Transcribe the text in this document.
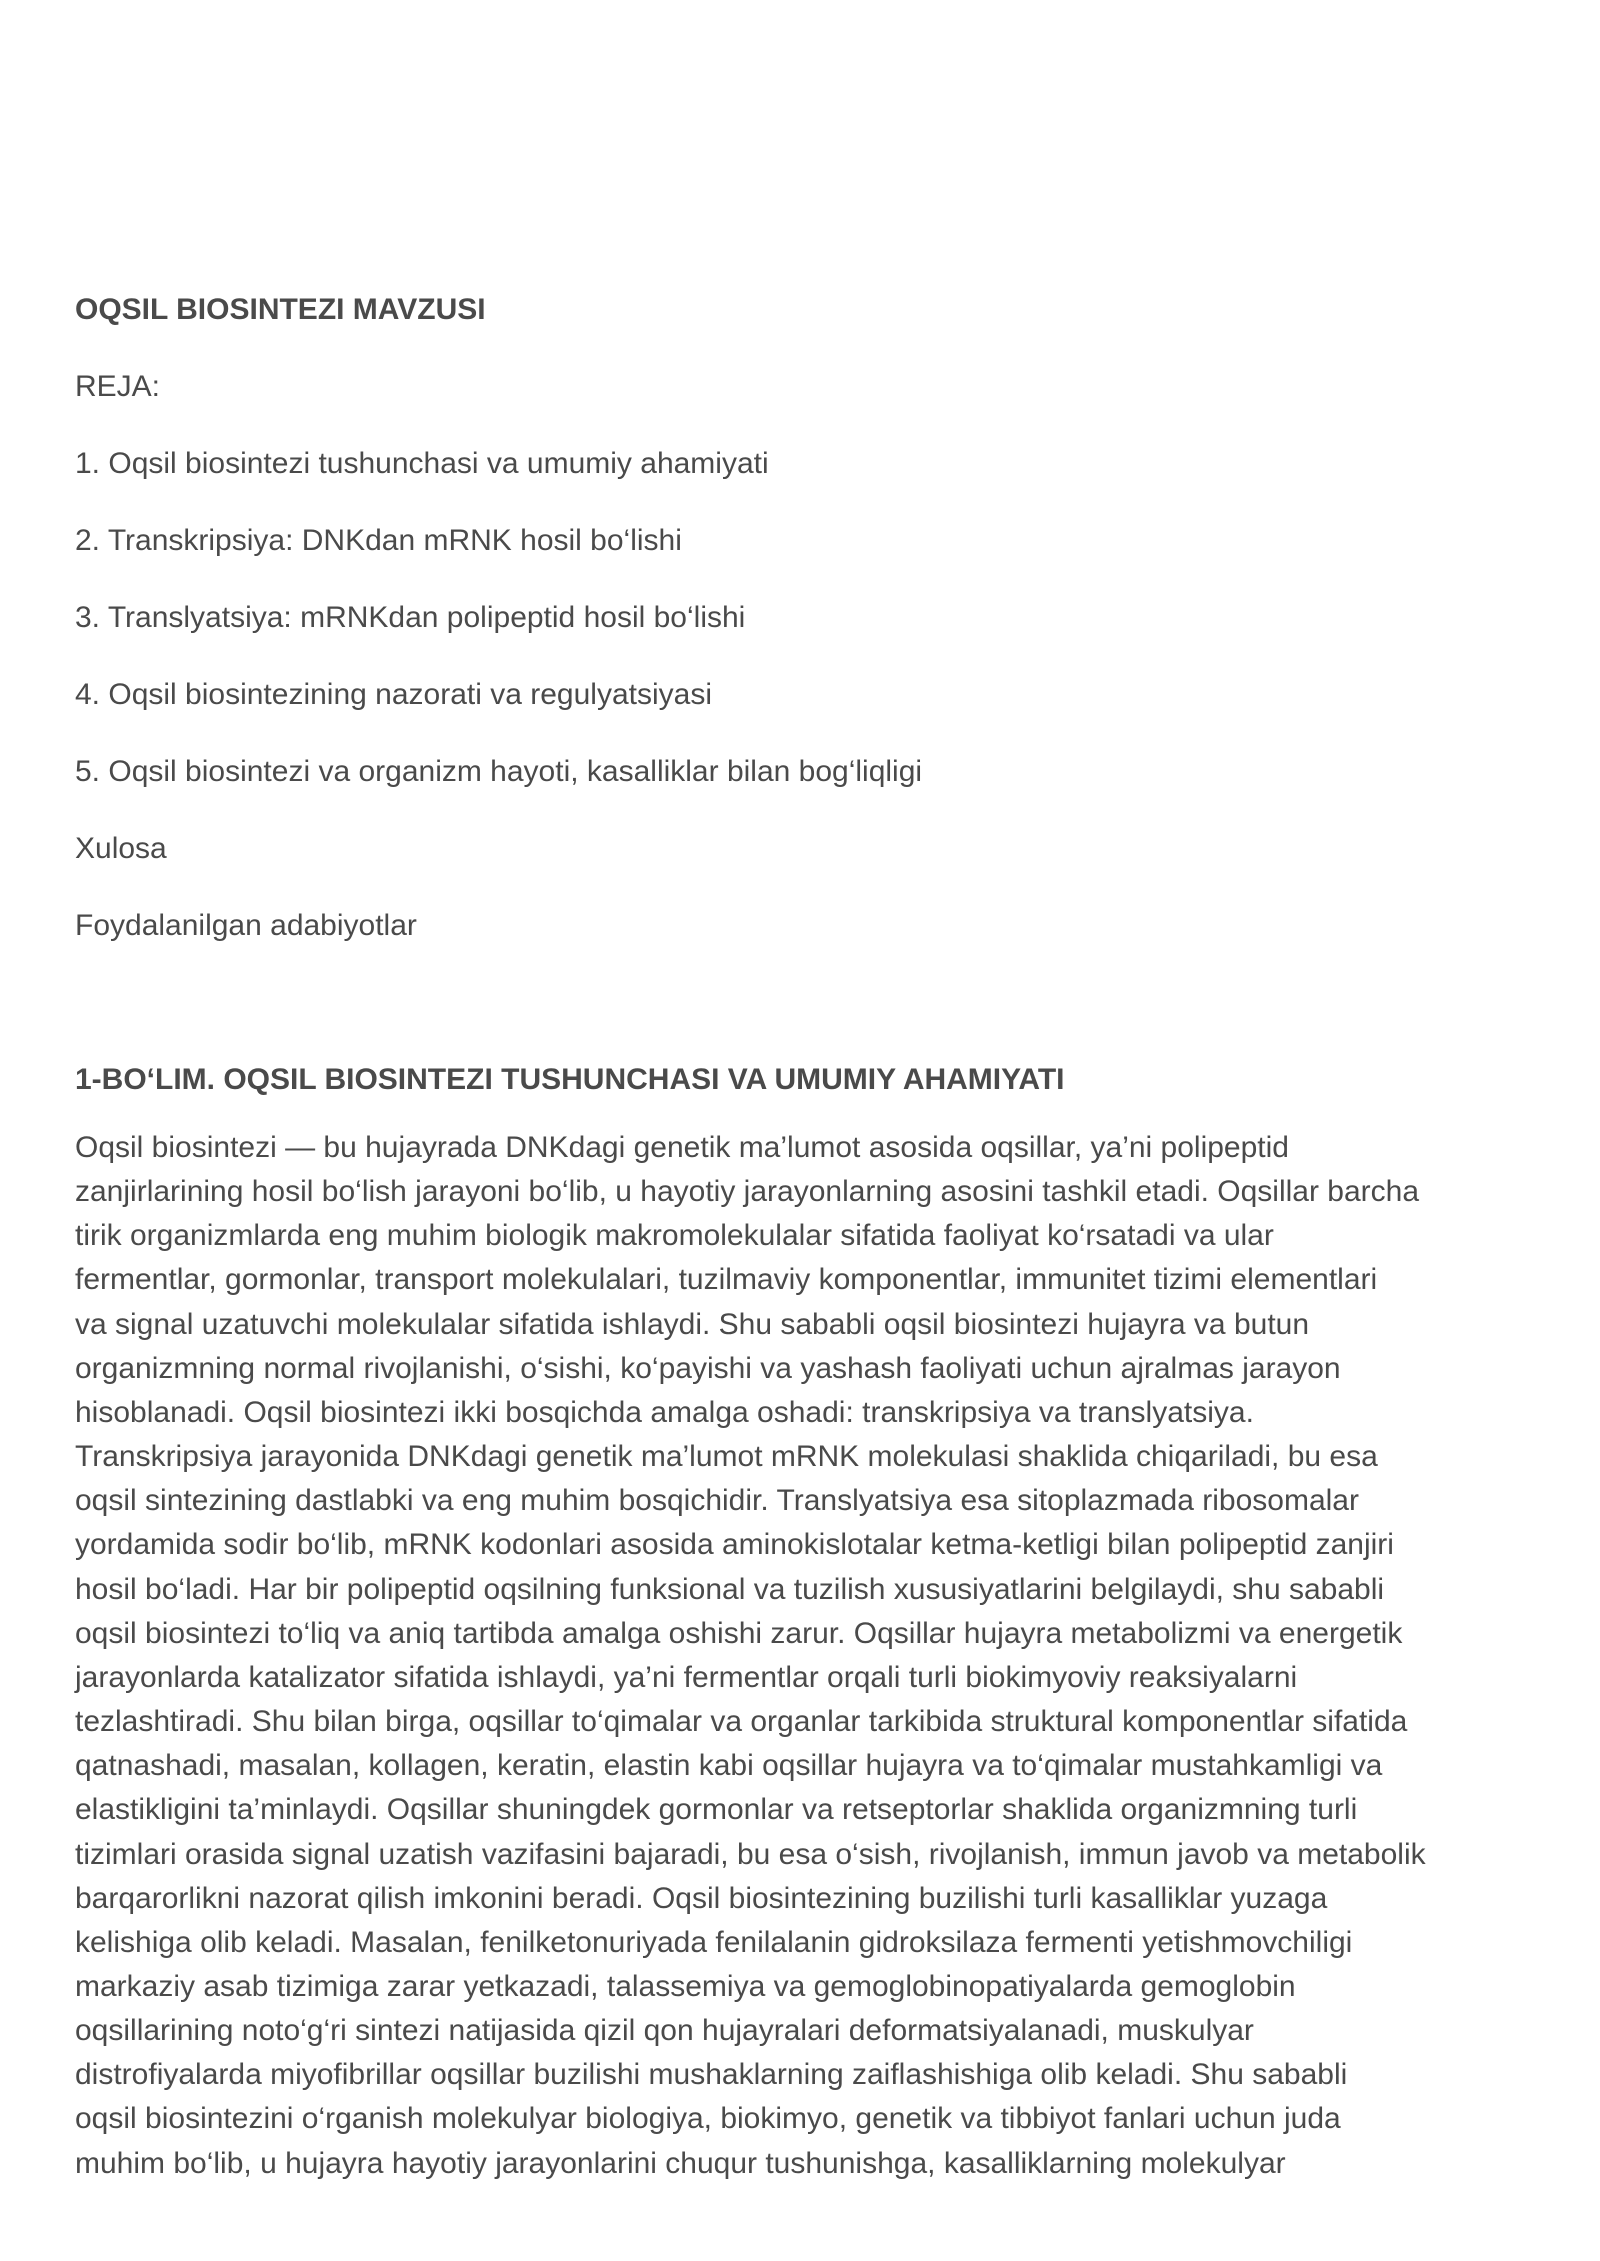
OQSIL BIOSINTEZI MAVZUSI

REJA:

1. Oqsil biosintezi tushunchasi va umumiy ahamiyati
2. Transkripsiya: DNKdan mRNK hosil bo‘lishi
3. Translyatsiya: mRNKdan polipeptid hosil bo‘lishi
4. Oqsil biosintezining nazorati va regulyatsiyasi
5. Oqsil biosintezi va organizm hayoti, kasalliklar bilan bog‘liqligi

Xulosa

Foydalanilgan adabiyotlar

1-BO‘LIM. OQSIL BIOSINTEZI TUSHUNCHASI VA UMUMIY AHAMIYATI

Oqsil biosintezi — bu hujayrada DNKdagi genetik ma’lumot asosida oqsillar, ya’ni polipeptid
zanjirlarining hosil bo‘lish jarayoni bo‘lib, u hayotiy jarayonlarning asosini tashkil etadi. Oqsillar barcha
tirik organizmlarda eng muhim biologik makromolekulalar sifatida faoliyat ko‘rsatadi va ular
fermentlar, gormonlar, transport molekulalari, tuzilmaviy komponentlar, immunitet tizimi elementlari
va signal uzatuvchi molekulalar sifatida ishlaydi. Shu sababli oqsil biosintezi hujayra va butun
organizmning normal rivojlanishi, o‘sishi, ko‘payishi va yashash faoliyati uchun ajralmas jarayon
hisoblanadi. Oqsil biosintezi ikki bosqichda amalga oshadi: transkripsiya va translyatsiya.
Transkripsiya jarayonida DNKdagi genetik ma’lumot mRNK molekulasi shaklida chiqariladi, bu esa
oqsil sintezining dastlabki va eng muhim bosqichidir. Translyatsiya esa sitoplazmada ribosomalar
yordamida sodir bo‘lib, mRNK kodonlari asosida aminokislotalar ketma-ketligi bilan polipeptid zanjiri
hosil bo‘ladi. Har bir polipeptid oqsilning funksional va tuzilish xususiyatlarini belgilaydi, shu sababli
oqsil biosintezi to‘liq va aniq tartibda amalga oshishi zarur. Oqsillar hujayra metabolizmi va energetik
jarayonlarda katalizator sifatida ishlaydi, ya’ni fermentlar orqali turli biokimyoviy reaksiyalarni
tezlashtiradi. Shu bilan birga, oqsillar to‘qimalar va organlar tarkibida struktural komponentlar sifatida
qatnashadi, masalan, kollagen, keratin, elastin kabi oqsillar hujayra va to‘qimalar mustahkamligi va
elastikligini ta’minlaydi. Oqsillar shuningdek gormonlar va retseptorlar shaklida organizmning turli
tizimlari orasida signal uzatish vazifasini bajaradi, bu esa o‘sish, rivojlanish, immun javob va metabolik
barqarorlikni nazorat qilish imkonini beradi. Oqsil biosintezining buzilishi turli kasalliklar yuzaga
kelishiga olib keladi. Masalan, fenilketonuriyada fenilalanin gidroksilaza fermenti yetishmovchiligi
markaziy asab tizimiga zarar yetkazadi, talassemiya va gemoglobinopatiyalarda gemoglobin
oqsillarining noto‘g‘ri sintezi natijasida qizil qon hujayralari deformatsiyalanadi, muskulyar
distrofiyalarda miyofibrillar oqsillar buzilishi mushaklarning zaiflashishiga olib keladi. Shu sababli
oqsil biosintezini o‘rganish molekulyar biologiya, biokimyo, genetik va tibbiyot fanlari uchun juda
muhim bo‘lib, u hujayra hayotiy jarayonlarini chuqur tushunishga, kasalliklarning molekulyar
